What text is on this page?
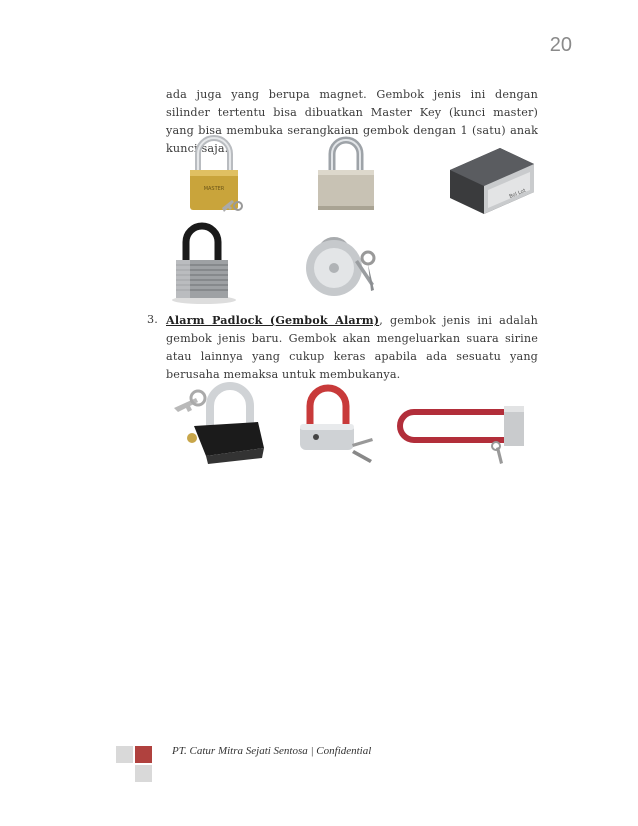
20

ada juga yang berupa magnet. Gembok jenis ini dengan silinder tertentu bisa dibuatkan Master Key (kunci master) yang bisa membuka serangkaian gembok dengan 1 (satu) anak kunci saja.

MASTER	Bol Lot
3. Alarm Padlock (Gembok Alarm), gembok jenis ini adalah gembok jenis baru. Gembok akan mengeluarkan suara sirine atau lainnya yang cukup keras apabila ada sesuatu yang berusaha memaksa untuk membukanya.
PT. Catur Mitra Sejati Sentosa | Confidential
